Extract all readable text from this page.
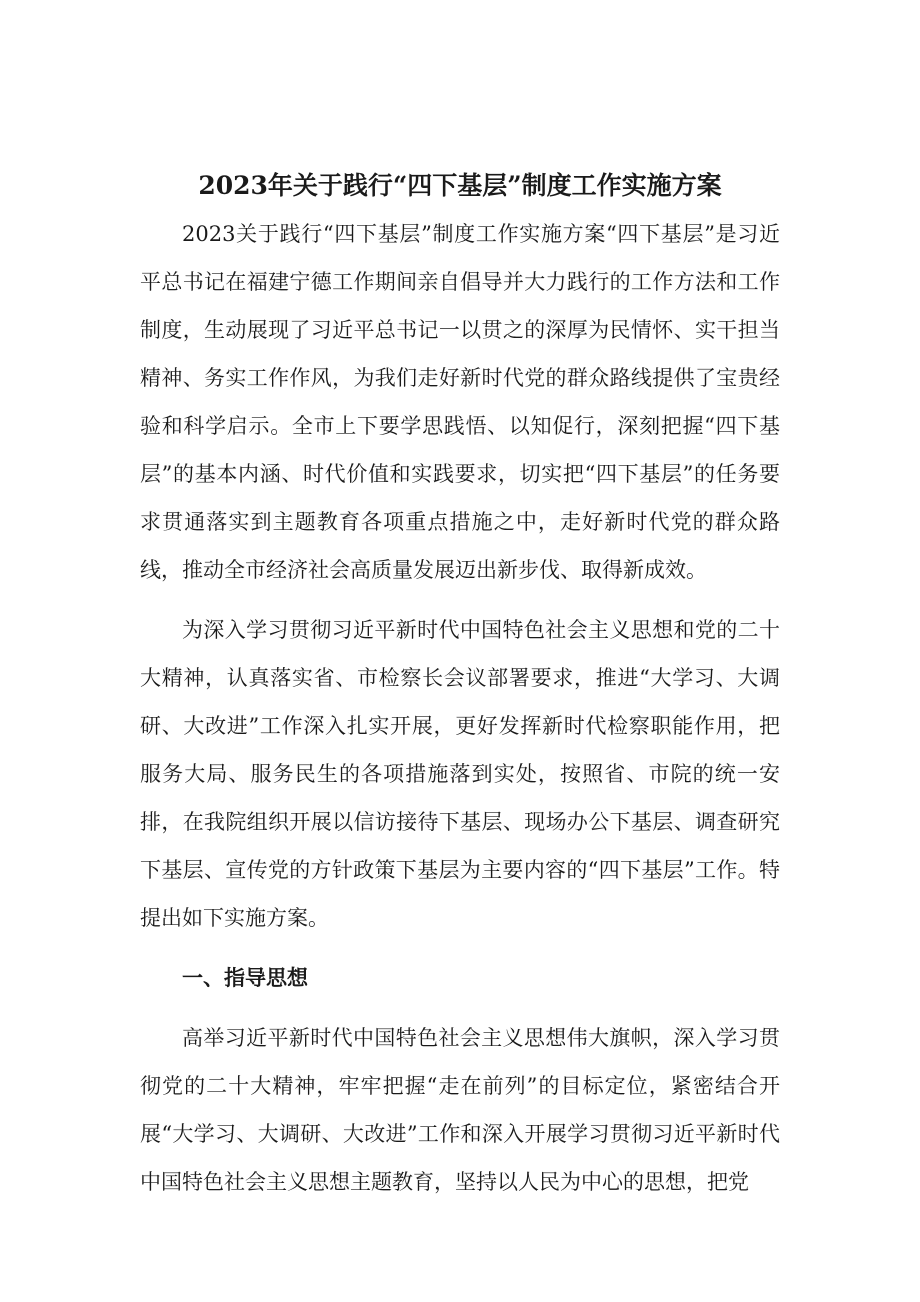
2023年关于践行“四下基层”制度工作实施方案

2023关于践行“四下基层”制度工作实施方案“四下基层”是习近平总书记在福建宁德工作期间亲自倡导并大力践行的工作方法和工作制度，生动展现了习近平总书记一以贯之的深厚为民情怀、实干担当精神、务实工作作风，为我们走好新时代党的群众路线提供了宝贵经验和科学启示。全市上下要学思践悟、以知促行，深刻把握“四下基层”的基本内涵、时代价值和实践要求，切实把“四下基层”的任务要求贯通落实到主题教育各项重点措施之中，走好新时代党的群众路线，推动全市经济社会高质量发展迈出新步伐、取得新成效。

为深入学习贯彻习近平新时代中国特色社会主义思想和党的二十大精神，认真落实省、市检察长会议部署要求，推进“大学习、大调研、大改进”工作深入扎实开展，更好发挥新时代检察职能作用，把服务大局、服务民生的各项措施落到实处，按照省、市院的统一安排，在我院组织开展以信访接待下基层、现场办公下基层、调查研究下基层、宣传党的方针政策下基层为主要内容的“四下基层”工作。特提出如下实施方案。

一、指导思想

高举习近平新时代中国特色社会主义思想伟大旗帜，深入学习贯彻党的二十大精神，牢牢把握“走在前列”的目标定位，紧密结合开展“大学习、大调研、大改进”工作和深入开展学习贯彻习近平新时代中国特色社会主义思想主题教育，坚持以人民为中心的思想，把党
